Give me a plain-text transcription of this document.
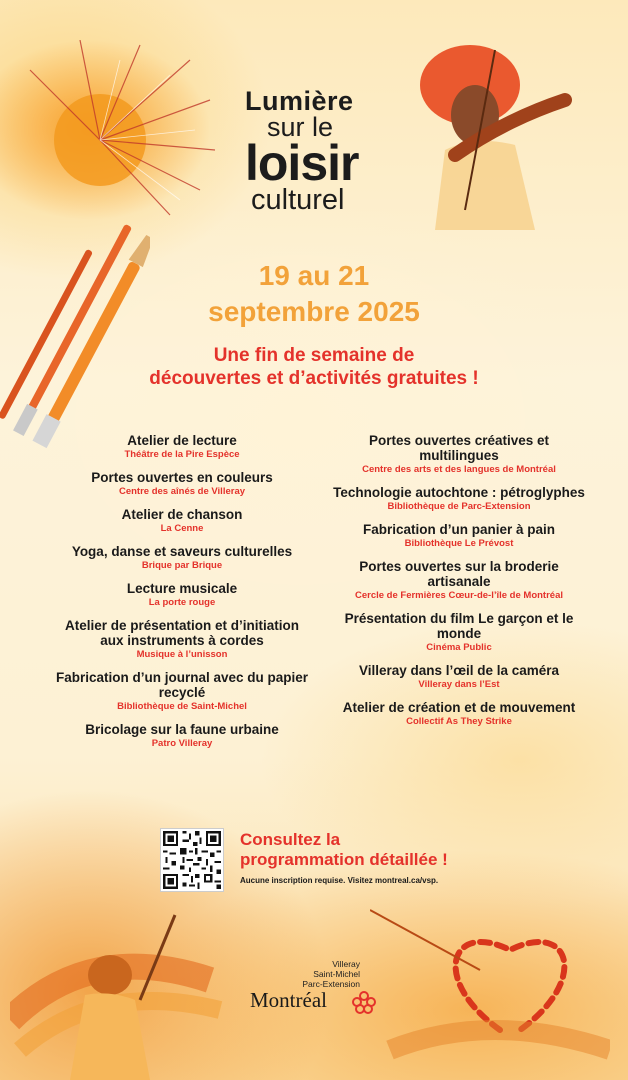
Lumière
sur le
loisir
culturel
19 au 21
septembre 2025
Une fin de semaine de
découvertes et d’activités gratuites !
Atelier de lecture
Théâtre de la Pire Espèce
Portes ouvertes en couleurs
Centre des aînés de Villeray
Atelier de chanson
La Cenne
Yoga, danse et saveurs culturelles
Brique par Brique
Lecture musicale
La porte rouge
Atelier de présentation et d’initiation aux instruments à cordes
Musique à l’unisson
Fabrication d’un journal avec du papier recyclé
Bibliothèque de Saint-Michel
Bricolage sur la faune urbaine
Patro Villeray
Portes ouvertes créatives et multilingues
Centre des arts et des langues de Montréal
Technologie autochtone : pétroglyphes
Bibliothèque de Parc-Extension
Fabrication d’un panier à pain
Bibliothèque Le Prévost
Portes ouvertes sur la broderie artisanale
Cercle de Fermières Cœur-de-l’île de Montréal
Présentation du film Le garçon et le monde
Cinéma Public
Villeray dans l’œil de la caméra
Villeray dans l’Est
Atelier de création et de mouvement
Collectif As They Strike
Consultez la
programmation détaillée !
Aucune inscription requise. Visitez montreal.ca/vsp.
Villeray
Saint-Michel
Parc-Extension
Montréal
